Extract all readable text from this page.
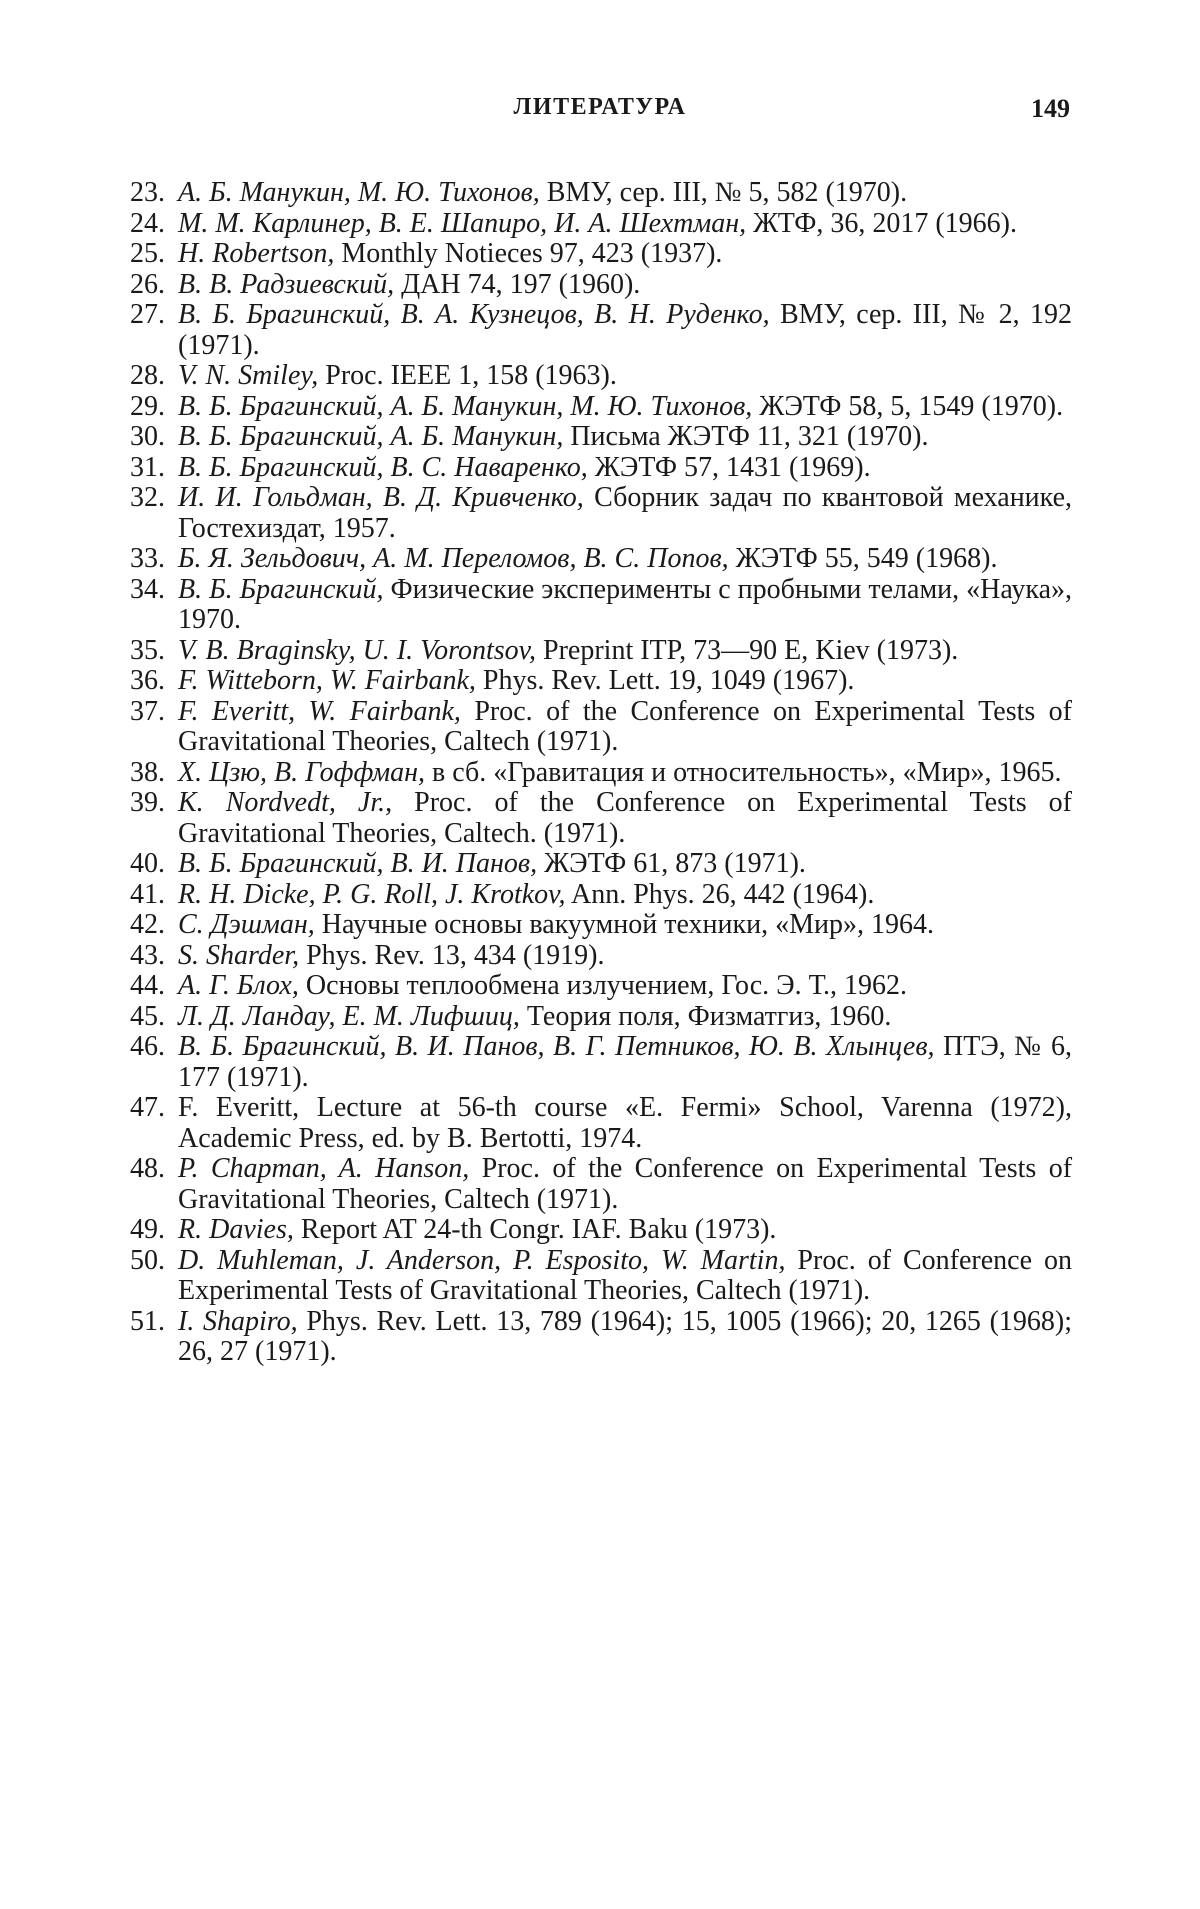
ЛИТЕРАТУРА	149
23. А. Б. Манукин, М. Ю. Тихонов, ВМУ, сер. III, № 5, 582 (1970).
24. М. М. Карлинер, В. Е. Шапиро, И. А. Шехтман, ЖТФ, 36, 2017 (1966).
25. H. Robertson, Monthly Notieces 97, 423 (1937).
26. В. В. Радзиевский, ДАН 74, 197 (1960).
27. В. Б. Брагинский, В. А. Кузнецов, В. Н. Руденко, ВМУ, сер. III, № 2, 192 (1971).
28. V. N. Smiley, Proc. IEEE 1, 158 (1963).
29. В. Б. Брагинский, А. Б. Манукин, М. Ю. Тихонов, ЖЭТФ 58, 5, 1549 (1970).
30. В. Б. Брагинский, А. Б. Манукин, Письма ЖЭТФ 11, 321 (1970).
31. В. Б. Брагинский, В. С. Наваренко, ЖЭТФ 57, 1431 (1969).
32. И. И. Гольдман, В. Д. Кривченко, Сборник задач по квантовой механике, Гостехиздат, 1957.
33. Б. Я. Зельдович, А. М. Переломов, В. С. Попов, ЖЭТФ 55, 549 (1968).
34. В. Б. Брагинский, Физические эксперименты с пробными телами, «Наука», 1970.
35. V. B. Braginsky, U. I. Vorontsov, Preprint ITP, 73—90 E, Kiev (1973).
36. F. Witteborn, W. Fairbank, Phys. Rev. Lett. 19, 1049 (1967).
37. F. Everitt, W. Fairbank, Proc. of the Conference on Experimental Tests of Gravitational Theories, Caltech (1971).
38. Х. Цзю, В. Гоффман, в сб. «Гравитация и относительность», «Мир», 1965.
39. K. Nordvedt, Jr., Proc. of the Conference on Experimental Tests of Gravitational Theories, Caltech. (1971).
40. В. Б. Брагинский, В. И. Панов, ЖЭТФ 61, 873 (1971).
41. R. H. Dicke, P. G. Roll, J. Krotkov, Ann. Phys. 26, 442 (1964).
42. С. Дэшман, Научные основы вакуумной техники, «Мир», 1964.
43. S. Sharder, Phys. Rev. 13, 434 (1919).
44. А. Г. Блох, Основы теплообмена излучением, Гос. Э. Т., 1962.
45. Л. Д. Ландау, Е. М. Лифшиц, Теория поля, Физматгиз, 1960.
46. В. Б. Брагинский, В. И. Панов, В. Г. Петников, Ю. В. Хлынцев, ПТЭ, № 6, 177 (1971).
47. F. Everitt, Lecture at 56-th course «E. Fermi» School, Varenna (1972), Academic Press, ed. by B. Bertotti, 1974.
48. P. Chapman, A. Hanson, Proc. of the Conference on Experimental Tests of Gravitational Theories, Caltech (1971).
49. R. Davies, Report AT 24-th Congr. IAF. Baku (1973).
50. D. Muhleman, J. Anderson, P. Esposito, W. Martin, Proc. of Conference on Experimental Tests of Gravitational Theories, Caltech (1971).
51. I. Shapiro, Phys. Rev. Lett. 13, 789 (1964); 15, 1005 (1966); 20, 1265 (1968); 26, 27 (1971).
